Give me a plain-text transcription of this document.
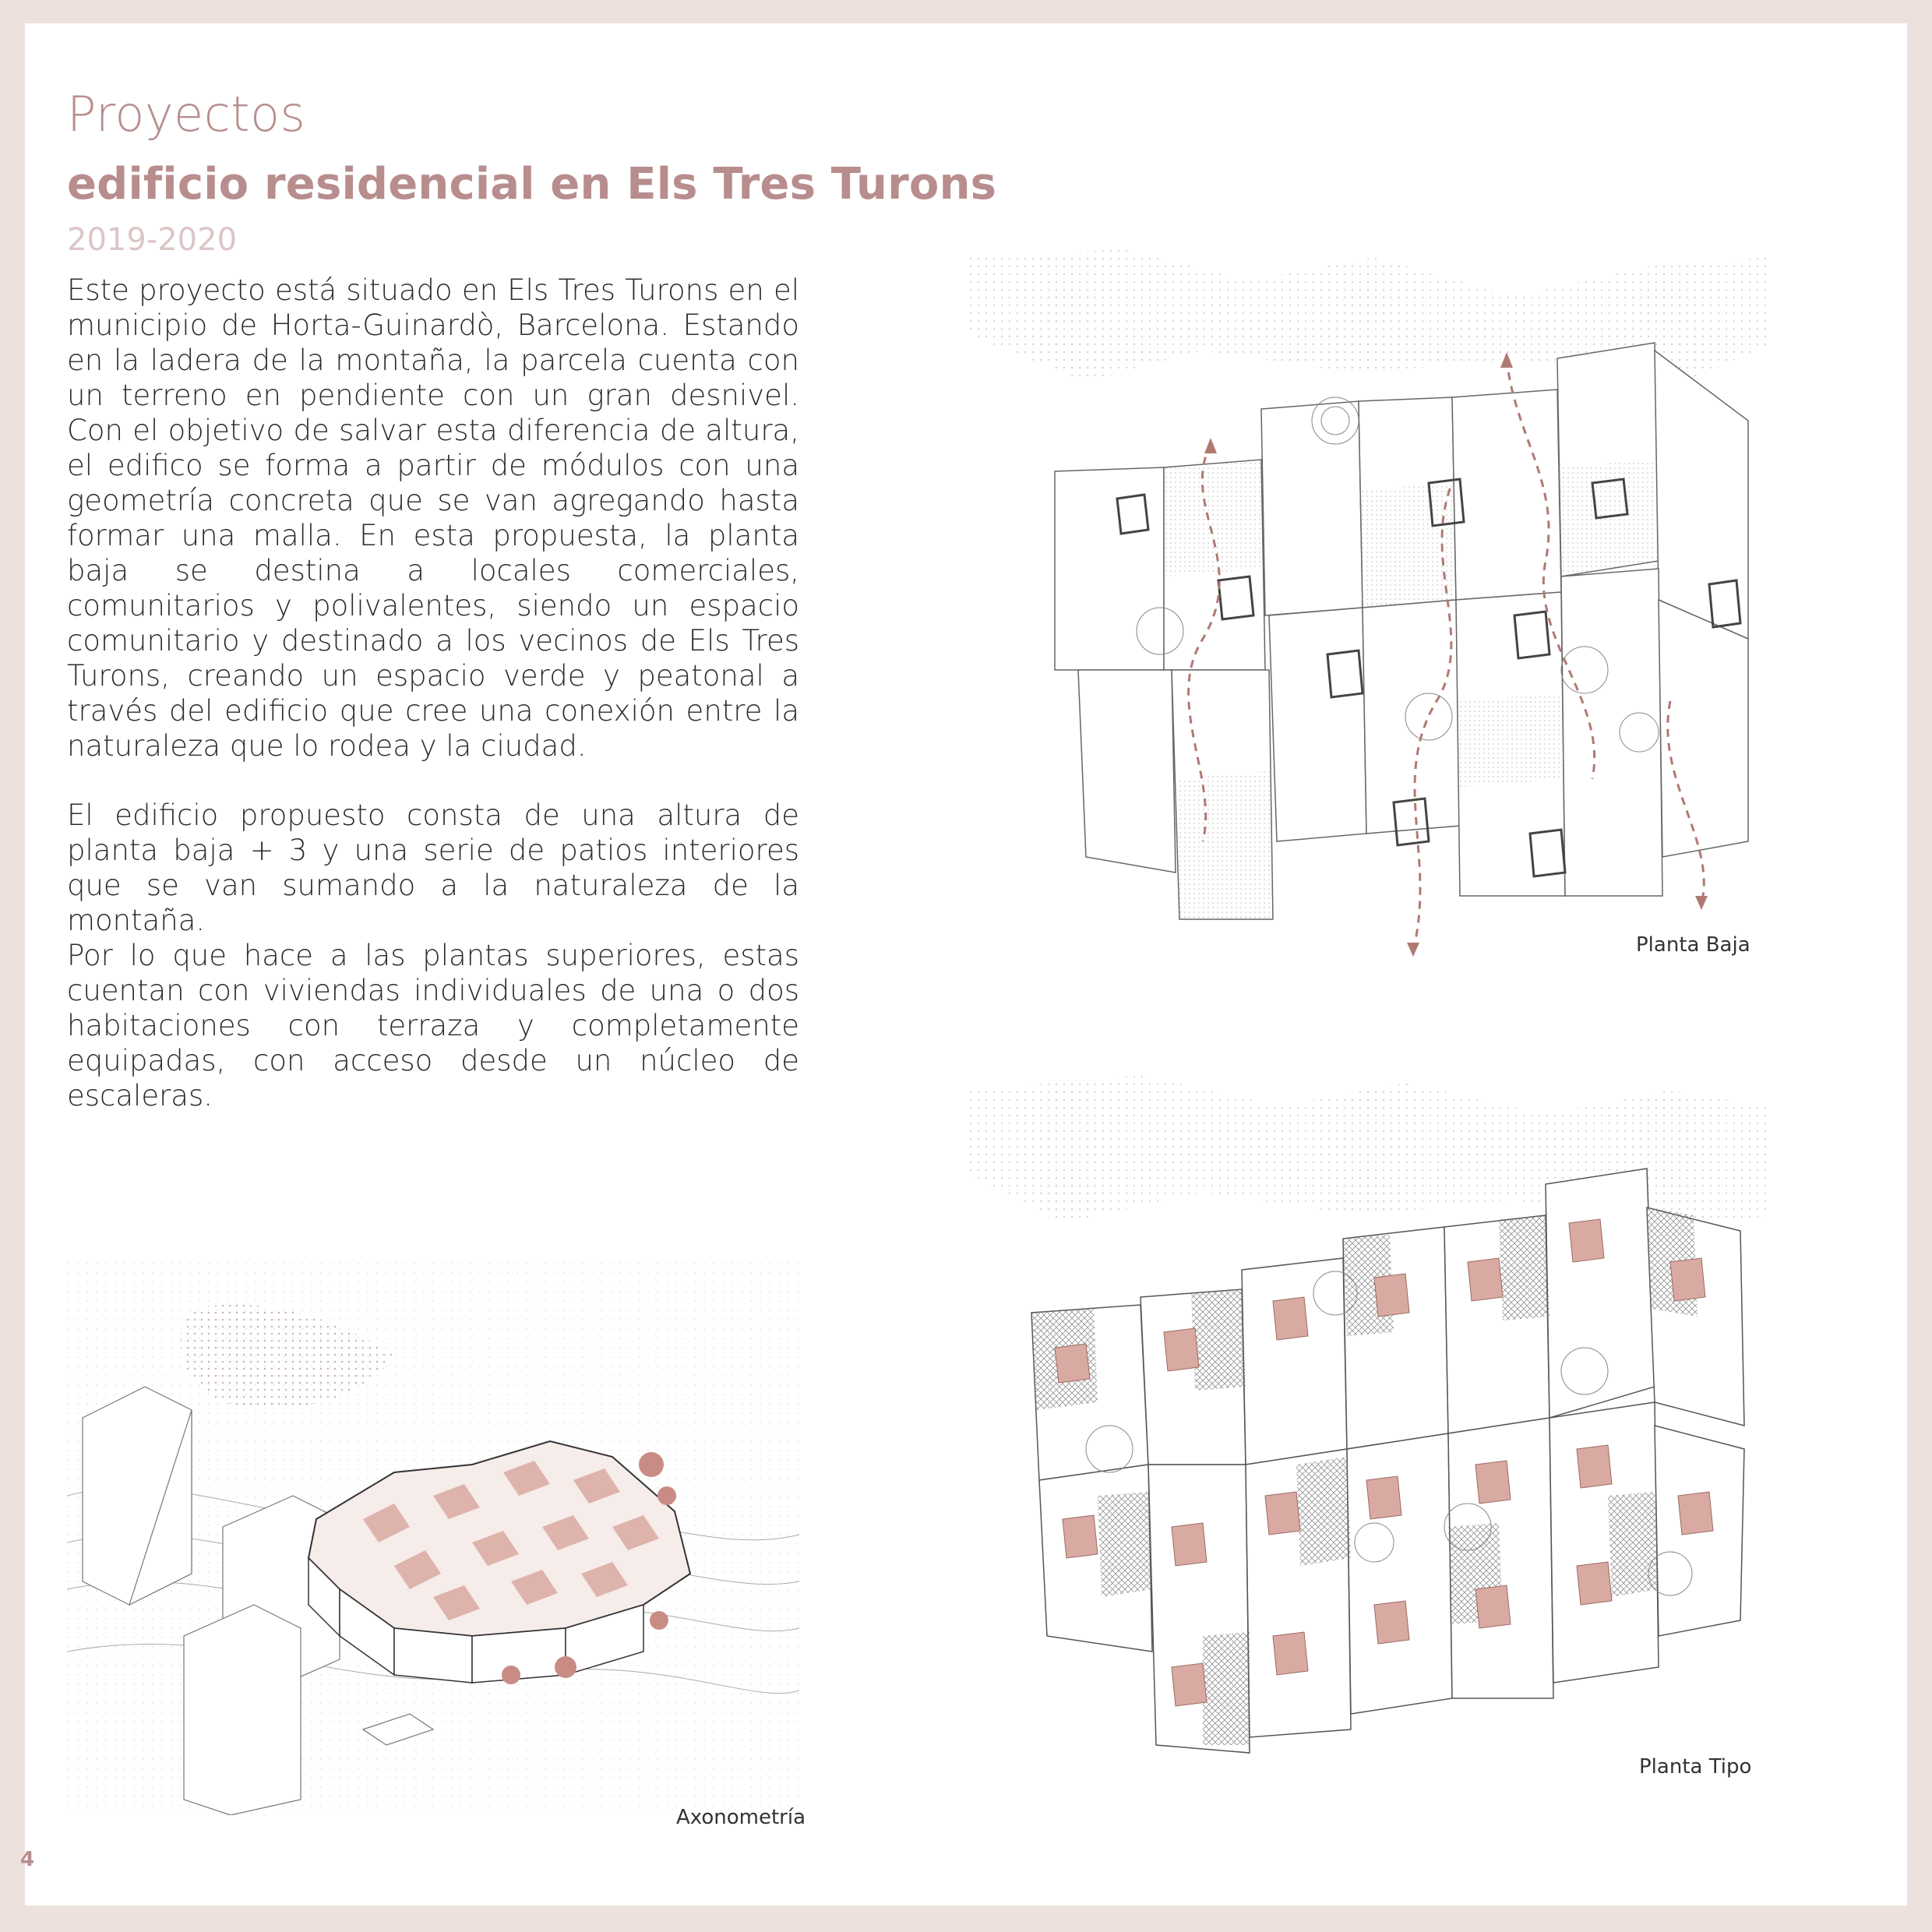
Proyectos
edificio residencial en Els Tres Turons
2019-2020

Este proyecto está situado en Els Tres Turons en el municipio de Horta-Guinardò, Barcelona. Estando en la ladera de la montaña, la parcela cuenta con un terreno en pendiente con un gran desnivel. Con el objetivo de salvar esta diferencia de altura, el edifico se forma a partir de módulos con una geometría concreta que se van agregando hasta formar una malla. En esta propuesta, la planta baja se destina a locales comerciales, comunitarios y polivalentes, siendo un espacio comunitario y destinado a los vecinos de Els Tres Turons, creando un espacio verde y peatonal a través del edificio que cree una conexión entre la naturaleza que lo rodea y la ciudad.

El edificio propuesto consta de una altura de planta baja + 3 y una serie de patios interiores que se van sumando a la naturaleza de la montaña.
Por lo que hace a las plantas superiores, estas cuentan con viviendas individuales de una o dos habitaciones con terraza y completamente equipadas, con acceso desde un núcleo de escaleras.
Planta Baja
Planta Tipo
Axonometría
4
